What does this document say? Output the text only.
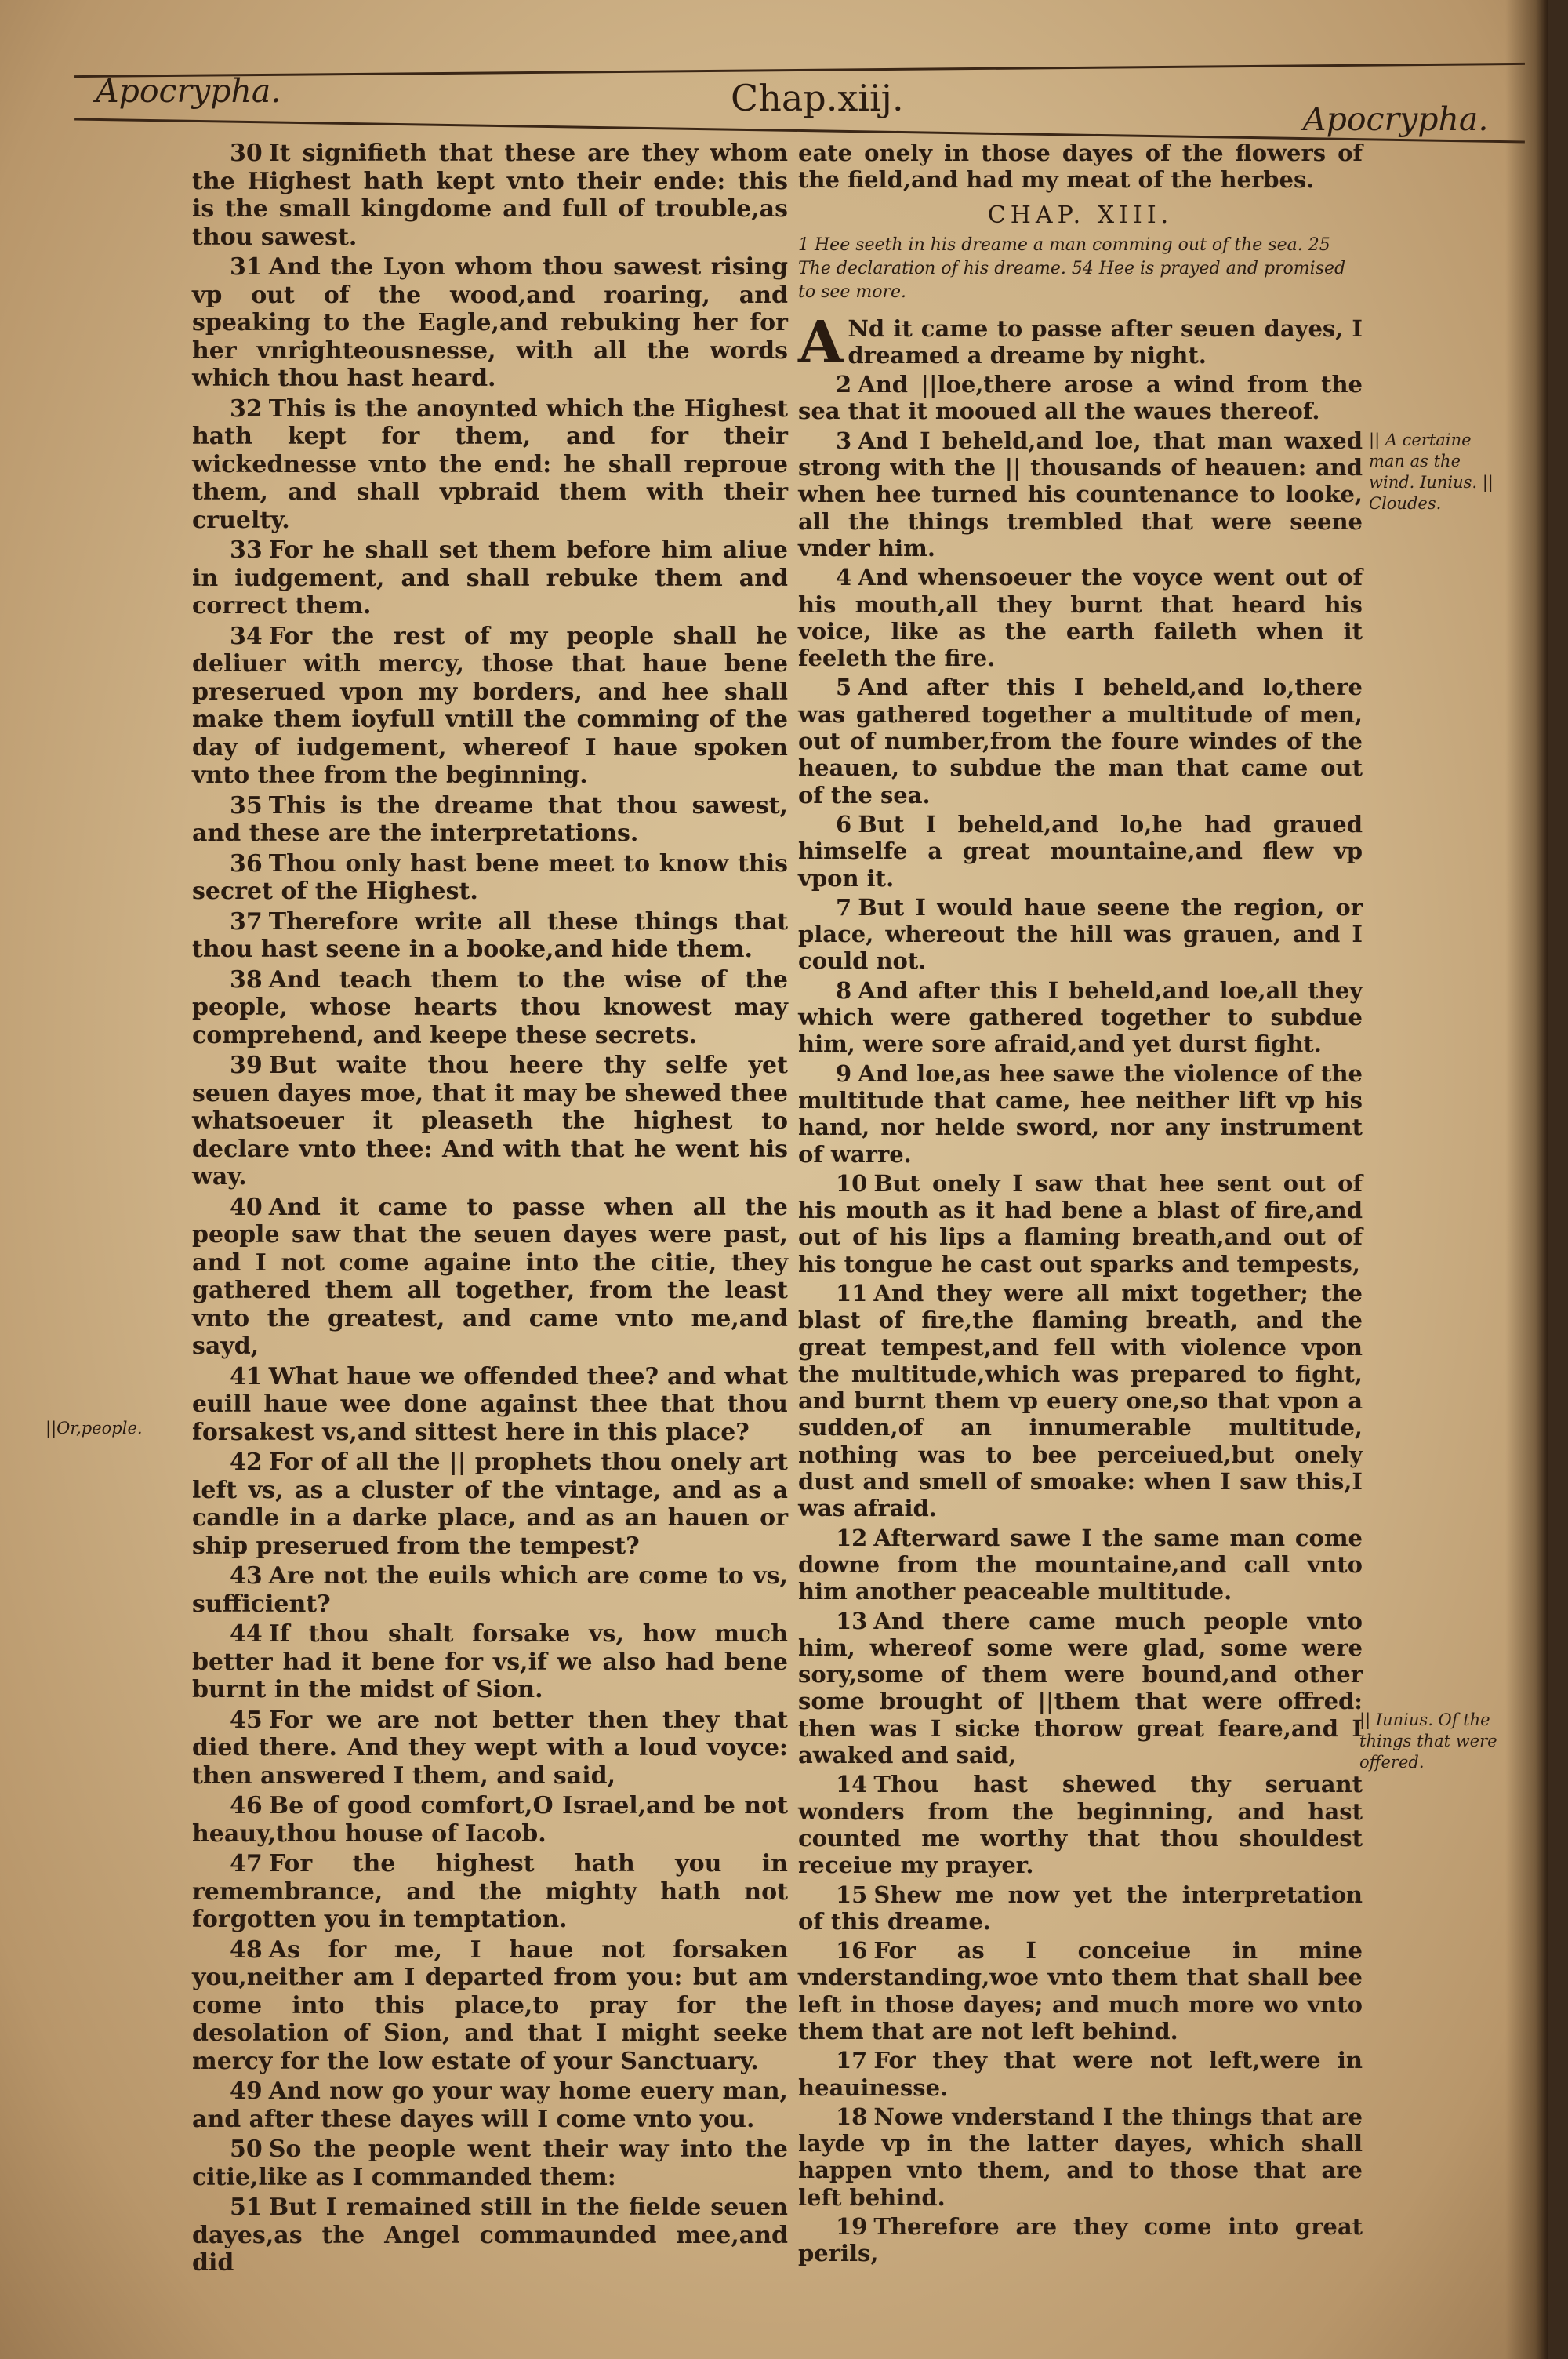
Apocrypha.	Chap.xiij.	Apocrypha.

30 It signifieth that these are they whom the Highest hath kept vnto their ende: this is the small kingdome and full of trouble,as thou sawest.

31 And the Lyon whom thou sawest rising vp out of the wood,and roaring, and speaking to the Eagle,and rebuking her for her vnrighteousnesse, with all the words which thou hast heard.

32 This is the anoynted which the Highest hath kept for them, and for their wickednesse vnto the end: he shall reproue them, and shall vpbraid them with their cruelty.

33 For he shall set them before him aliue in iudgement, and shall rebuke them and correct them.

34 For the rest of my people shall he deliuer with mercy, those that haue bene preserued vpon my borders, and hee shall make them ioyfull vntill the comming of the day of iudgement, whereof I haue spoken vnto thee from the beginning.

35 This is the dreame that thou sawest, and these are the interpretations.

36 Thou only hast bene meet to know this secret of the Highest.

37 Therefore write all these things that thou hast seene in a booke,and hide them.

38 And teach them to the wise of the people, whose hearts thou knowest may comprehend, and keepe these secrets.

39 But waite thou heere thy selfe yet seuen dayes moe, that it may be shewed thee whatsoeuer it pleaseth the highest to declare vnto thee: And with that he went his way.

40 And it came to passe when all the people saw that the seuen dayes were past, and I not come againe into the citie, they gathered them all together, from the least vnto the greatest, and came vnto me,and sayd,

41 What haue we offended thee? and what euill haue wee done against thee that thou forsakest vs,and sittest here in this place?

42 For of all the || prophets thou onely art left vs, as a cluster of the vintage, and as a candle in a darke place, and as an hauen or ship preserued from the tempest?

43 Are not the euils which are come to vs, sufficient?

44 If thou shalt forsake vs, how much better had it bene for vs,if we also had bene burnt in the midst of Sion.

45 For we are not better then they that died there. And they wept with a loud voyce: then answered I them, and said,

46 Be of good comfort,O Israel,and be not heauy,thou house of Iacob.

47 For the highest hath you in remembrance, and the mighty hath not forgotten you in temptation.

48 As for me, I haue not forsaken you,neither am I departed from you: but am come into this place,to pray for the desolation of Sion, and that I might seeke mercy for the low estate of your Sanctuary.

49 And now go your way home euery man, and after these dayes will I come vnto you.

50 So the people went their way into the citie,like as I commanded them:

51 But I remained still in the fielde seuen dayes,as the Angel commaunded mee,and did

eate onely in those dayes of the flowers of the field,and had my meat of the herbes.

CHAP. XIII.
1 Hee seeth in his dreame a man comming out of the sea. 25 The declaration of his dreame. 54 Hee is prayed and promised to see more.
A Nd it came to passe after seuen dayes, I dreamed a dreame by night.

2 And ||loe,there arose a wind from the sea that it mooued all the waues thereof.

3 And I beheld,and loe, that man waxed strong with the || thousands of heauen: and when hee turned his countenance to looke, all the things trembled that were seene vnder him.

4 And whensoeuer the voyce went out of his mouth,all they burnt that heard his voice, like as the earth faileth when it feeleth the fire.

5 And after this I beheld,and lo,there was gathered together a multitude of men, out of number,from the foure windes of the heauen, to subdue the man that came out of the sea.

6 But I beheld,and lo,he had graued himselfe a great mountaine,and flew vp vpon it.

7 But I would haue seene the region, or place, whereout the hill was grauen, and I could not.

8 And after this I beheld,and loe,all they which were gathered together to subdue him, were sore afraid,and yet durst fight.

9 And loe,as hee sawe the violence of the multitude that came, hee neither lift vp his hand, nor helde sword, nor any instrument of warre.

10 But onely I saw that hee sent out of his mouth as it had bene a blast of fire,and out of his lips a flaming breath,and out of his tongue he cast out sparks and tempests,

11 And they were all mixt together; the blast of fire,the flaming breath, and the great tempest,and fell with violence vpon the multitude,which was prepared to fight, and burnt them vp euery one,so that vpon a sudden,of an innumerable multitude, nothing was to bee perceiued,but onely dust and smell of smoake: when I saw this,I was afraid.

12 Afterward sawe I the same man come downe from the mountaine,and call vnto him another peaceable multitude.

13 And there came much people vnto him, whereof some were glad, some were sory,some of them were bound,and other some brought of ||them that were offred: then was I sicke thorow great feare,and I awaked and said,

14 Thou hast shewed thy seruant wonders from the beginning, and hast counted me worthy that thou shouldest receiue my prayer.

15 Shew me now yet the interpretation of this dreame.

16 For as I conceiue in mine vnderstanding,woe vnto them that shall bee left in those dayes; and much more wo vnto them that are not left behind.

17 For they that were not left,were in heauinesse.

18 Nowe vnderstand I the things that are layde vp in the latter dayes, which shall happen vnto them, and to those that are left behind.

19 Therefore are they come into great perils,

||Or,people.
|| A certaine man as the wind. Iunius. || Cloudes.
|| Iunius. Of the things that were offered.
